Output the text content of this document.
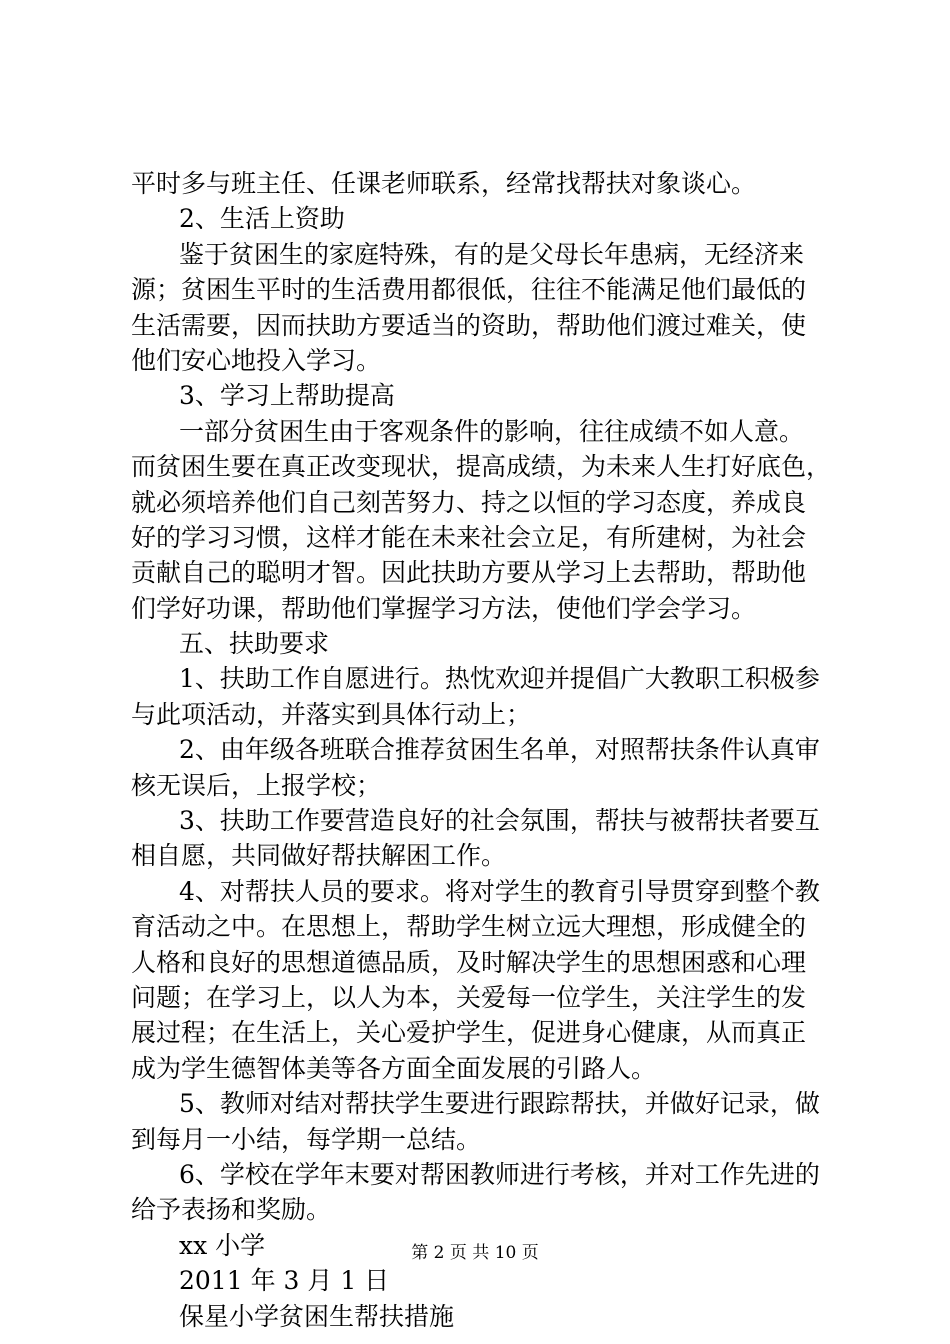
平时多与班主任、任课老师联系，经常找帮扶对象谈心。
2、生活上资助
鉴于贫困生的家庭特殊，有的是父母长年患病，无经济来
源；贫困生平时的生活费用都很低，往往不能满足他们最低的
生活需要，因而扶助方要适当的资助，帮助他们渡过难关，使
他们安心地投入学习。
3、学习上帮助提高
一部分贫困生由于客观条件的影响，往往成绩不如人意。
而贫困生要在真正改变现状，提高成绩，为未来人生打好底色，
就必须培养他们自己刻苦努力、持之以恒的学习态度，养成良
好的学习习惯，这样才能在未来社会立足，有所建树，为社会
贡献自己的聪明才智。因此扶助方要从学习上去帮助，帮助他
们学好功课，帮助他们掌握学习方法，使他们学会学习。
五、扶助要求
1、扶助工作自愿进行。热忱欢迎并提倡广大教职工积极参
与此项活动，并落实到具体行动上；
2、由年级各班联合推荐贫困生名单，对照帮扶条件认真审
核无误后，上报学校；
3、扶助工作要营造良好的社会氛围，帮扶与被帮扶者要互
相自愿，共同做好帮扶解困工作。
4、对帮扶人员的要求。将对学生的教育引导贯穿到整个教
育活动之中。在思想上，帮助学生树立远大理想，形成健全的
人格和良好的思想道德品质，及时解决学生的思想困惑和心理
问题；在学习上，以人为本，关爱每一位学生，关注学生的发
展过程；在生活上，关心爱护学生，促进身心健康，从而真正
成为学生德智体美等各方面全面发展的引路人。
5、教师对结对帮扶学生要进行跟踪帮扶，并做好记录，做
到每月一小结，每学期一总结。
6、学校在学年末要对帮困教师进行考核，并对工作先进的
给予表扬和奖励。
xx 小学
2011 年 3 月 1 日
保星小学贫困生帮扶措施
第 2 页 共 10 页
